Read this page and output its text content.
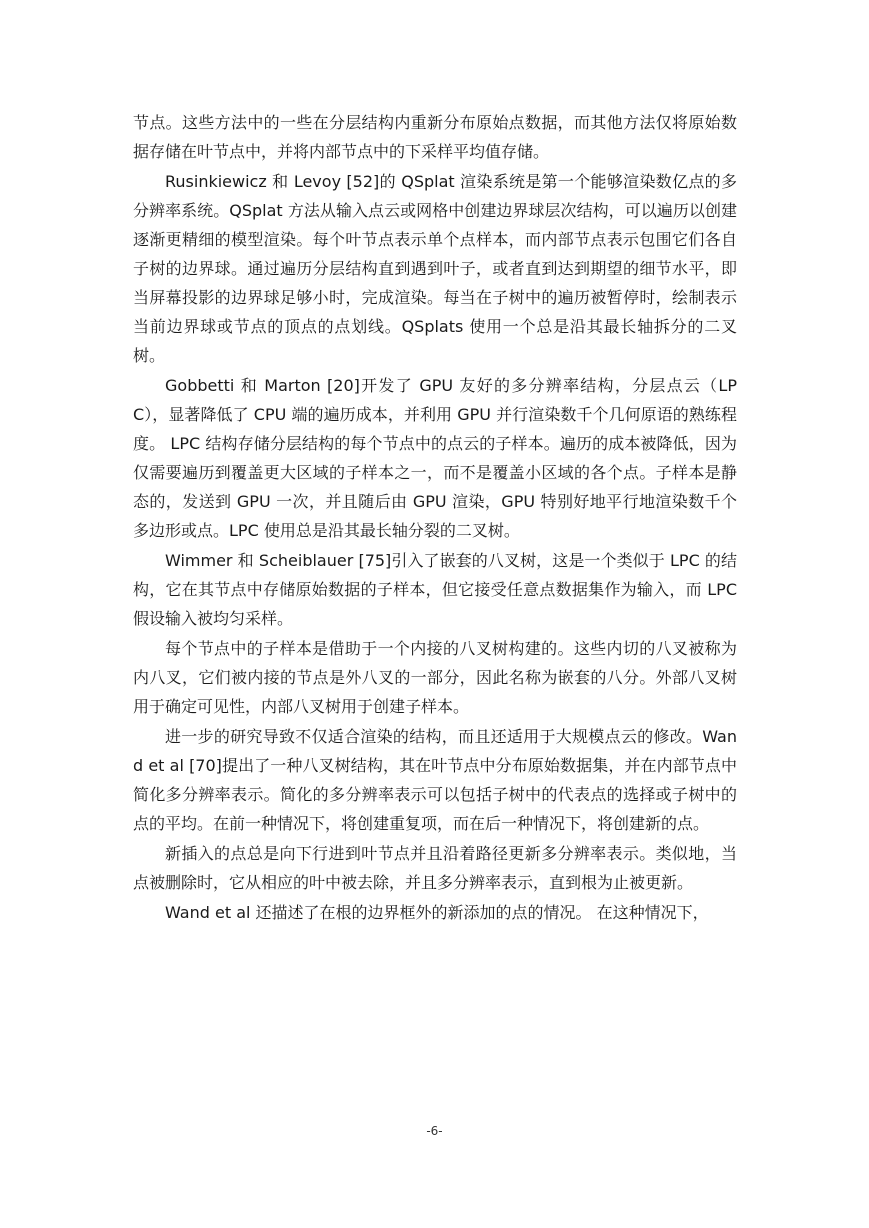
节点。这些方法中的一些在分层结构内重新分布原始点数据，而其他方法仅将原始数据存储在叶节点中，并将内部节点中的下采样平均值存储。

Rusinkiewicz 和 Levoy [52]的 QSplat 渲染系统是第一个能够渲染数亿点的多分辨率系统。QSplat 方法从输入点云或网格中创建边界球层次结构，可以遍历以创建逐渐更精细的模型渲染。每个叶节点表示单个点样本，而内部节点表示包围它们各自子树的边界球。通过遍历分层结构直到遇到叶子，或者直到达到期望的细节水平，即当屏幕投影的边界球足够小时，完成渲染。每当在子树中的遍历被暂停时，绘制表示当前边界球或节点的顶点的点划线。QSplats 使用一个总是沿其最长轴拆分的二叉树。

Gobbetti 和 Marton [20]开发了 GPU 友好的多分辨率结构，分层点云（LPC），显著降低了 CPU 端的遍历成本，并利用 GPU 并行渲染数千个几何原语的熟练程度。 LPC 结构存储分层结构的每个节点中的点云的子样本。遍历的成本被降低，因为仅需要遍历到覆盖更大区域的子样本之一，而不是覆盖小区域的各个点。子样本是静态的，发送到 GPU 一次，并且随后由 GPU 渲染，GPU 特别好地平行地渲染数千个多边形或点。LPC 使用总是沿其最长轴分裂的二叉树。

Wimmer 和 Scheiblauer [75]引入了嵌套的八叉树，这是一个类似于 LPC 的结构，它在其节点中存储原始数据的子样本，但它接受任意点数据集作为输入，而 LPC 假设输入被均匀采样。

每个节点中的子样本是借助于一个内接的八叉树构建的。这些内切的八叉被称为内八叉，它们被内接的节点是外八叉的一部分，因此名称为嵌套的八分。外部八叉树用于确定可见性，内部八叉树用于创建子样本。

进一步的研究导致不仅适合渲染的结构，而且还适用于大规模点云的修改。Wand et al [70]提出了一种八叉树结构，其在叶节点中分布原始数据集，并在内部节点中简化多分辨率表示。简化的多分辨率表示可以包括子树中的代表点的选择或子树中的点的平均。在前一种情况下，将创建重复项，而在后一种情况下，将创建新的点。

新插入的点总是向下行进到叶节点并且沿着路径更新多分辨率表示。类似地，当点被删除时，它从相应的叶中被去除，并且多分辨率表示，直到根为止被更新。

Wand et al 还描述了在根的边界框外的新添加的点的情况。 在这种情况下，

-6-
